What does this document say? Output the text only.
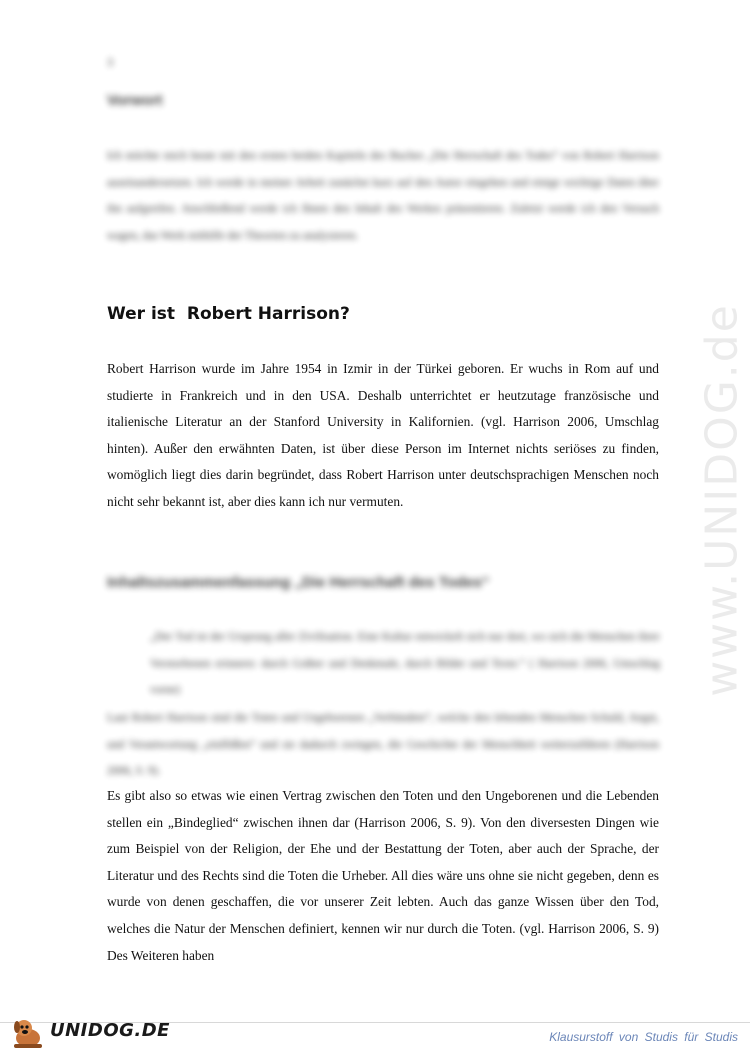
www.UNIDOG.de
3
Vorwort

Ich möchte mich heute mit den ersten beiden Kapiteln des Buches „Die Herrschaft des Todes“ von Robert Harrison auseinandersetzen. Ich werde in meiner Arbeit zunächst kurz auf den Autor eingehen und einige wichtige Daten über ihn aufgreifen. Anschließend werde ich Ihnen den Inhalt des Werkes präsentieren. Zuletzt werde ich den Versuch wagen, das Werk mithilfe der Theorien zu analysieren.

Wer ist  Robert Harrison?

Robert Harrison wurde im Jahre 1954 in Izmir in der Türkei geboren. Er wuchs in Rom auf und studierte in Frankreich und in den USA. Deshalb unterrichtet er heutzutage französische und italienische Literatur an der Stanford University in Kalifornien. (vgl. Harrison 2006, Umschlag hinten). Außer den erwähnten Daten, ist über diese Person im Internet nichts seriöses zu finden, womöglich liegt dies darin begründet, dass Robert Harrison unter deutschsprachigen Menschen noch nicht sehr bekannt ist, aber dies kann ich nur vermuten.

Inhaltszusammenfassung „Die Herrschaft des Todes“

„Der Tod ist der Ursprung aller Zivilisation. Eine Kultur entwickelt sich nur dort, wo sich die Menschen ihrer Verstorbenen erinnern: durch Gräber und Denkmale, durch Bilder und Texte.“ ( Harrison 2006, Umschlag vorne)

Laut Robert Harrison sind die Toten und Ungeborenen „Verbündete“, welche den lebenden Menschen Schuld, Angst, und Verantwortung „einflößen“ und sie dadurch zwingen, die Geschichte der Menschheit weiterzuführen (Harrison 2006, S. 9).

Es gibt also so etwas wie einen Vertrag zwischen den Toten und den Ungeborenen und die Lebenden stellen ein „Bindeglied“ zwischen ihnen dar (Harrison 2006, S. 9). Von den diversesten Dingen wie zum Beispiel von der Religion, der Ehe und der Bestattung der Toten, aber auch der Sprache, der Literatur und des Rechts sind die Toten die Urheber. All dies wäre uns ohne sie nicht gegeben, denn es wurde von denen geschaffen, die vor unserer Zeit lebten. Auch das ganze Wissen über den Tod, welches die Natur der Menschen definiert, kennen wir nur durch die Toten. (vgl. Harrison 2006, S. 9) Des Weiteren haben

UNIDOG.DE	Klausurstoff von Studis für Studis
